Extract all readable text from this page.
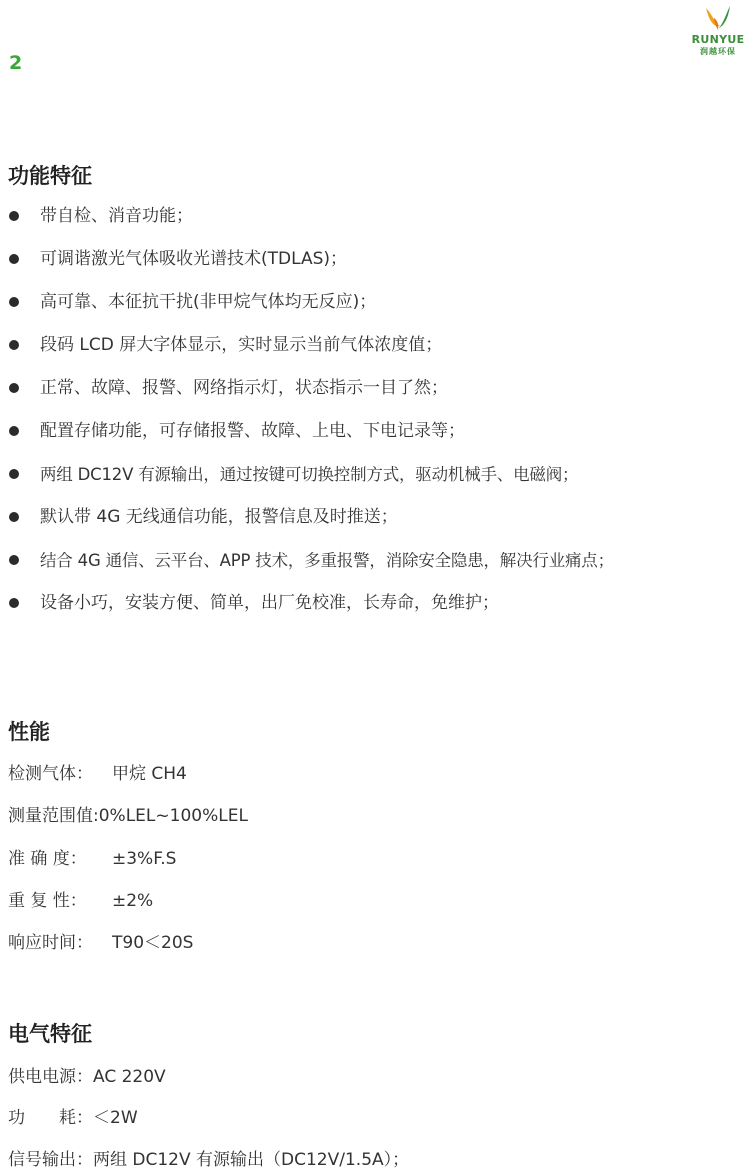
2
RUNYUE
润越环保
功能特征
带自检、消音功能；
可调谐激光气体吸收光谱技术(TDLAS)；
高可靠、本征抗干扰(非甲烷气体均无反应)；
段码 LCD 屏大字体显示，实时显示当前气体浓度值；
正常、故障、报警、网络指示灯，状态指示一目了然；
配置存储功能，可存储报警、故障、上电、下电记录等；
两组 DC12V 有源输出，通过按键可切换控制方式，驱动机械手、电磁阀；
默认带 4G 无线通信功能，报警信息及时推送；
结合 4G 通信、云平台、APP 技术，多重报警，消除安全隐患，解决行业痛点；
设备小巧，安装方便、简单，出厂免校准，长寿命，免维护；
性能
检测气体： 甲烷 CH4
测量范围值:0%LEL~100%LEL
准 确 度： ±3%F.S
重 复 性： ±2%
响应时间： T90＜20S
电气特征
供电电源：AC 220V
功　　耗：＜2W
信号输出：两组 DC12V 有源输出（DC12V/1.5A）；
